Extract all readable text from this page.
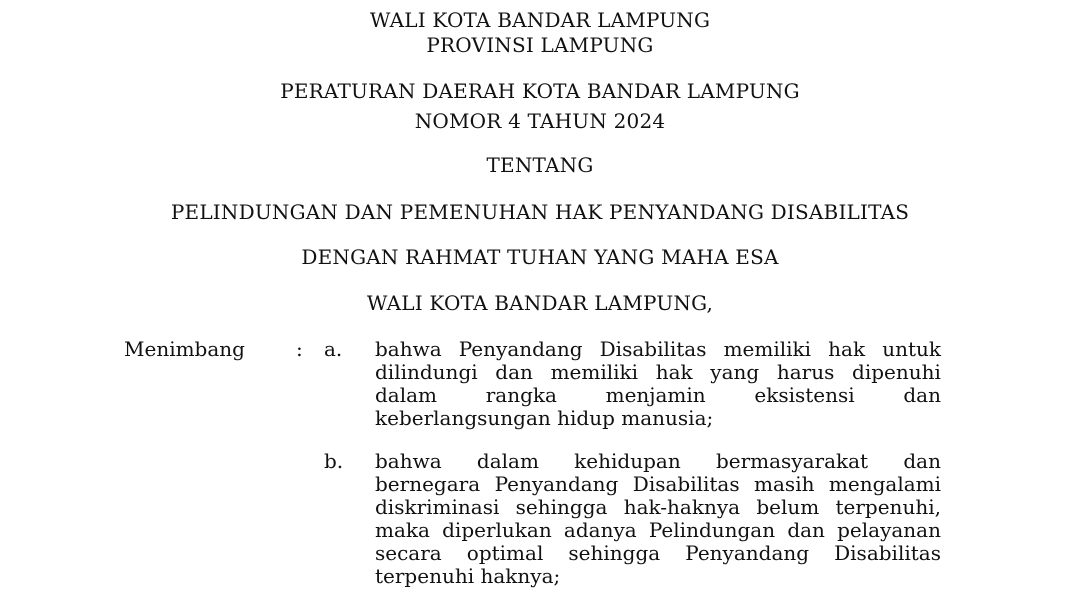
WALI KOTA BANDAR LAMPUNG
PROVINSI LAMPUNG
PERATURAN DAERAH KOTA BANDAR LAMPUNG
NOMOR 4 TAHUN 2024
TENTANG
PELINDUNGAN DAN PEMENUHAN HAK PENYANDANG DISABILITAS
DENGAN RAHMAT TUHAN YANG MAHA ESA
WALI KOTA BANDAR LAMPUNG,
Menimbang	: a. bahwa Penyandang Disabilitas memiliki hak untuk
dilindungi dan memiliki hak yang harus dipenuhi
dalam rangka menjamin eksistensi dan
keberlangsungan hidup manusia;
b. bahwa dalam kehidupan bermasyarakat dan
bernegara Penyandang Disabilitas masih mengalami
diskriminasi sehingga hak-haknya belum terpenuhi,
maka diperlukan adanya Pelindungan dan pelayanan
secara optimal sehingga Penyandang Disabilitas
terpenuhi haknya;
